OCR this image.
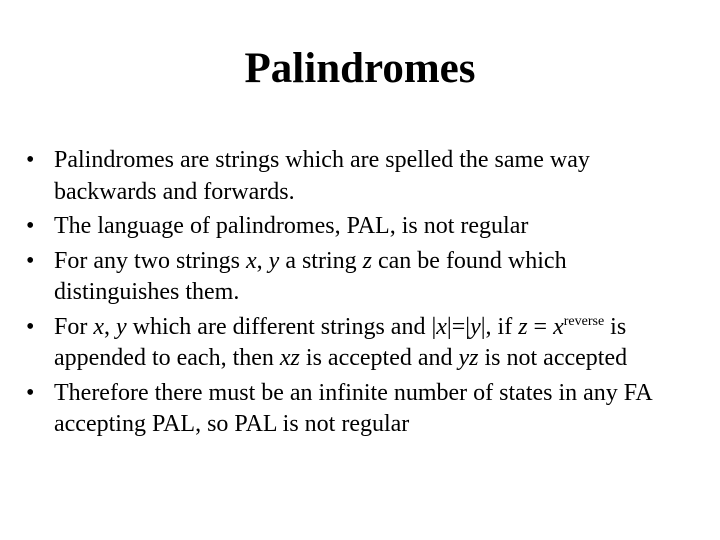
Palindromes
• Palindromes are strings which are spelled the same way backwards and forwards.
• The language of palindromes, PAL, is not regular
• For any two strings x, y a string z can be found which distinguishes them.
• For x, y which are different strings and |x|=|y|, if $z = x^{reverse}$ is appended to each, then xz is accepted and yz is not accepted
• Therefore there must be an infinite number of states in any FA accepting PAL, so PAL is not regular
